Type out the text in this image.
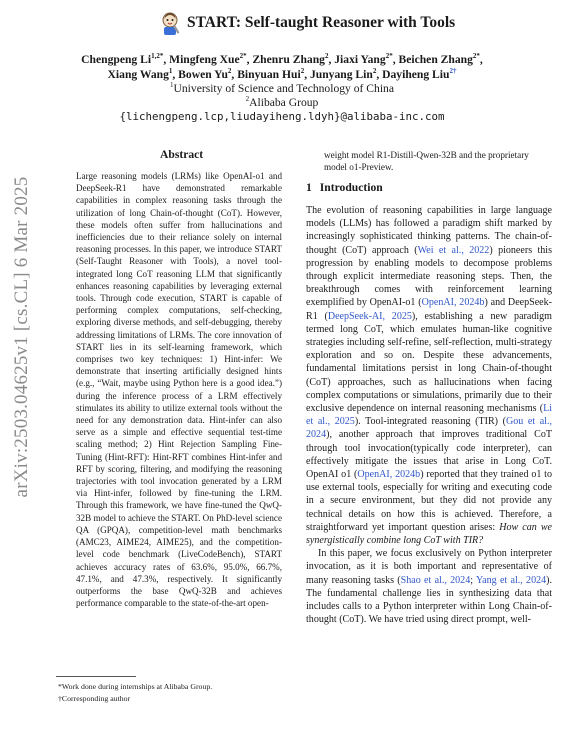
arXiv:2503.04625v1 [cs.CL] 6 Mar 2025
START: Self-taught Reasoner with Tools
Chengpeng $Li^{1,2*}$, Mingfeng Xue$^{2*}$, Zhenru Zhang$^2$, Jiaxi Yang$^{2*}$, Beichen Zhang$^{2*}$,
Xiang Wang$^1$, Bowen Yu$^2$, Binyuan Hui$^2$, Junyang Lin$^2$, Dayiheng Liu$^{2\dagger}$
$^1$University of Science and Technology of China
$^2$Alibaba Group
{lichengpeng.lcp,liudayiheng.ldyh}@alibaba-inc.com
Abstract
Large reasoning models (LRMs) like OpenAI-o1 and DeepSeek-R1 have demonstrated remarkable capabilities in complex reasoning tasks through the utilization of long Chain-of-thought (CoT). However, these models often suffer from hallucinations and inefficiencies due to their reliance solely on internal reasoning processes. In this paper, we introduce START (Self-Taught Reasoner with Tools), a novel tool-integrated long CoT reasoning LLM that significantly enhances reasoning capabilities by leveraging external tools. Through code execution, START is capable of performing complex computations, self-checking, exploring diverse methods, and self-debugging, thereby addressing limitations of LRMs. The core innovation of START lies in its self-learning framework, which comprises two key techniques: 1) Hint-infer: We demonstrate that inserting artificially designed hints (e.g., “Wait, maybe using Python here is a good idea.”) during the inference process of a LRM effectively stimulates its ability to utilize external tools without the need for any demonstration data. Hint-infer can also serve as a simple and effective sequential test-time scaling method; 2) Hint Rejection Sampling Fine-Tuning (Hint-RFT): Hint-RFT combines Hint-infer and RFT by scoring, filtering, and modifying the reasoning trajectories with tool invocation generated by a LRM via Hint-infer, followed by fine-tuning the LRM. Through this framework, we have fine-tuned the QwQ-32B model to achieve the START. On PhD-level science QA (GPQA), competition-level math benchmarks (AMC23, AIME24, AIME25), and the competition-level code benchmark (LiveCodeBench), START achieves accuracy rates of 63.6%, 95.0%, 66.7%, 47.1%, and 47.3%, respectively. It significantly outperforms the base QwQ-32B and achieves performance comparable to the state-of-the-art open-
*Work done during internships at Alibaba Group.
†Corresponding author
weight model R1-Distill-Qwen-32B and the proprietary model o1-Preview.
1 Introduction

The evolution of reasoning capabilities in large language models (LLMs) has followed a paradigm shift marked by increasingly sophisticated thinking patterns. The chain-of-thought (CoT) approach (Wei et al., 2022) pioneers this progression by enabling models to decompose problems through explicit intermediate reasoning steps. Then, the breakthrough comes with reinforcement learning exemplified by OpenAI-o1 (OpenAI, 2024b) and DeepSeek-R1 (DeepSeek-AI, 2025), establishing a new paradigm termed long CoT, which emulates human-like cognitive strategies including self-refine, self-reflection, multi-strategy exploration and so on. Despite these advancements, fundamental limitations persist in long Chain-of-thought (CoT) approaches, such as hallucinations when facing complex computations or simulations, primarily due to their exclusive dependence on internal reasoning mechanisms (Li et al., 2025). Tool-integrated reasoning (TIR) (Gou et al., 2024), another approach that improves traditional CoT through tool invocation(typically code interpreter), can effectively mitigate the issues that arise in Long CoT. OpenAI o1 (OpenAI, 2024b) reported that they trained o1 to use external tools, especially for writing and executing code in a secure environment, but they did not provide any technical details on how this is achieved. Therefore, a straightforward yet important question arises: How can we synergistically combine long CoT with TIR?

In this paper, we focus exclusively on Python interpreter invocation, as it is both important and representative of many reasoning tasks (Shao et al., 2024; Yang et al., 2024). The fundamental challenge lies in synthesizing data that includes calls to a Python interpreter within Long Chain-of-thought (CoT). We have tried using direct prompt, well-
